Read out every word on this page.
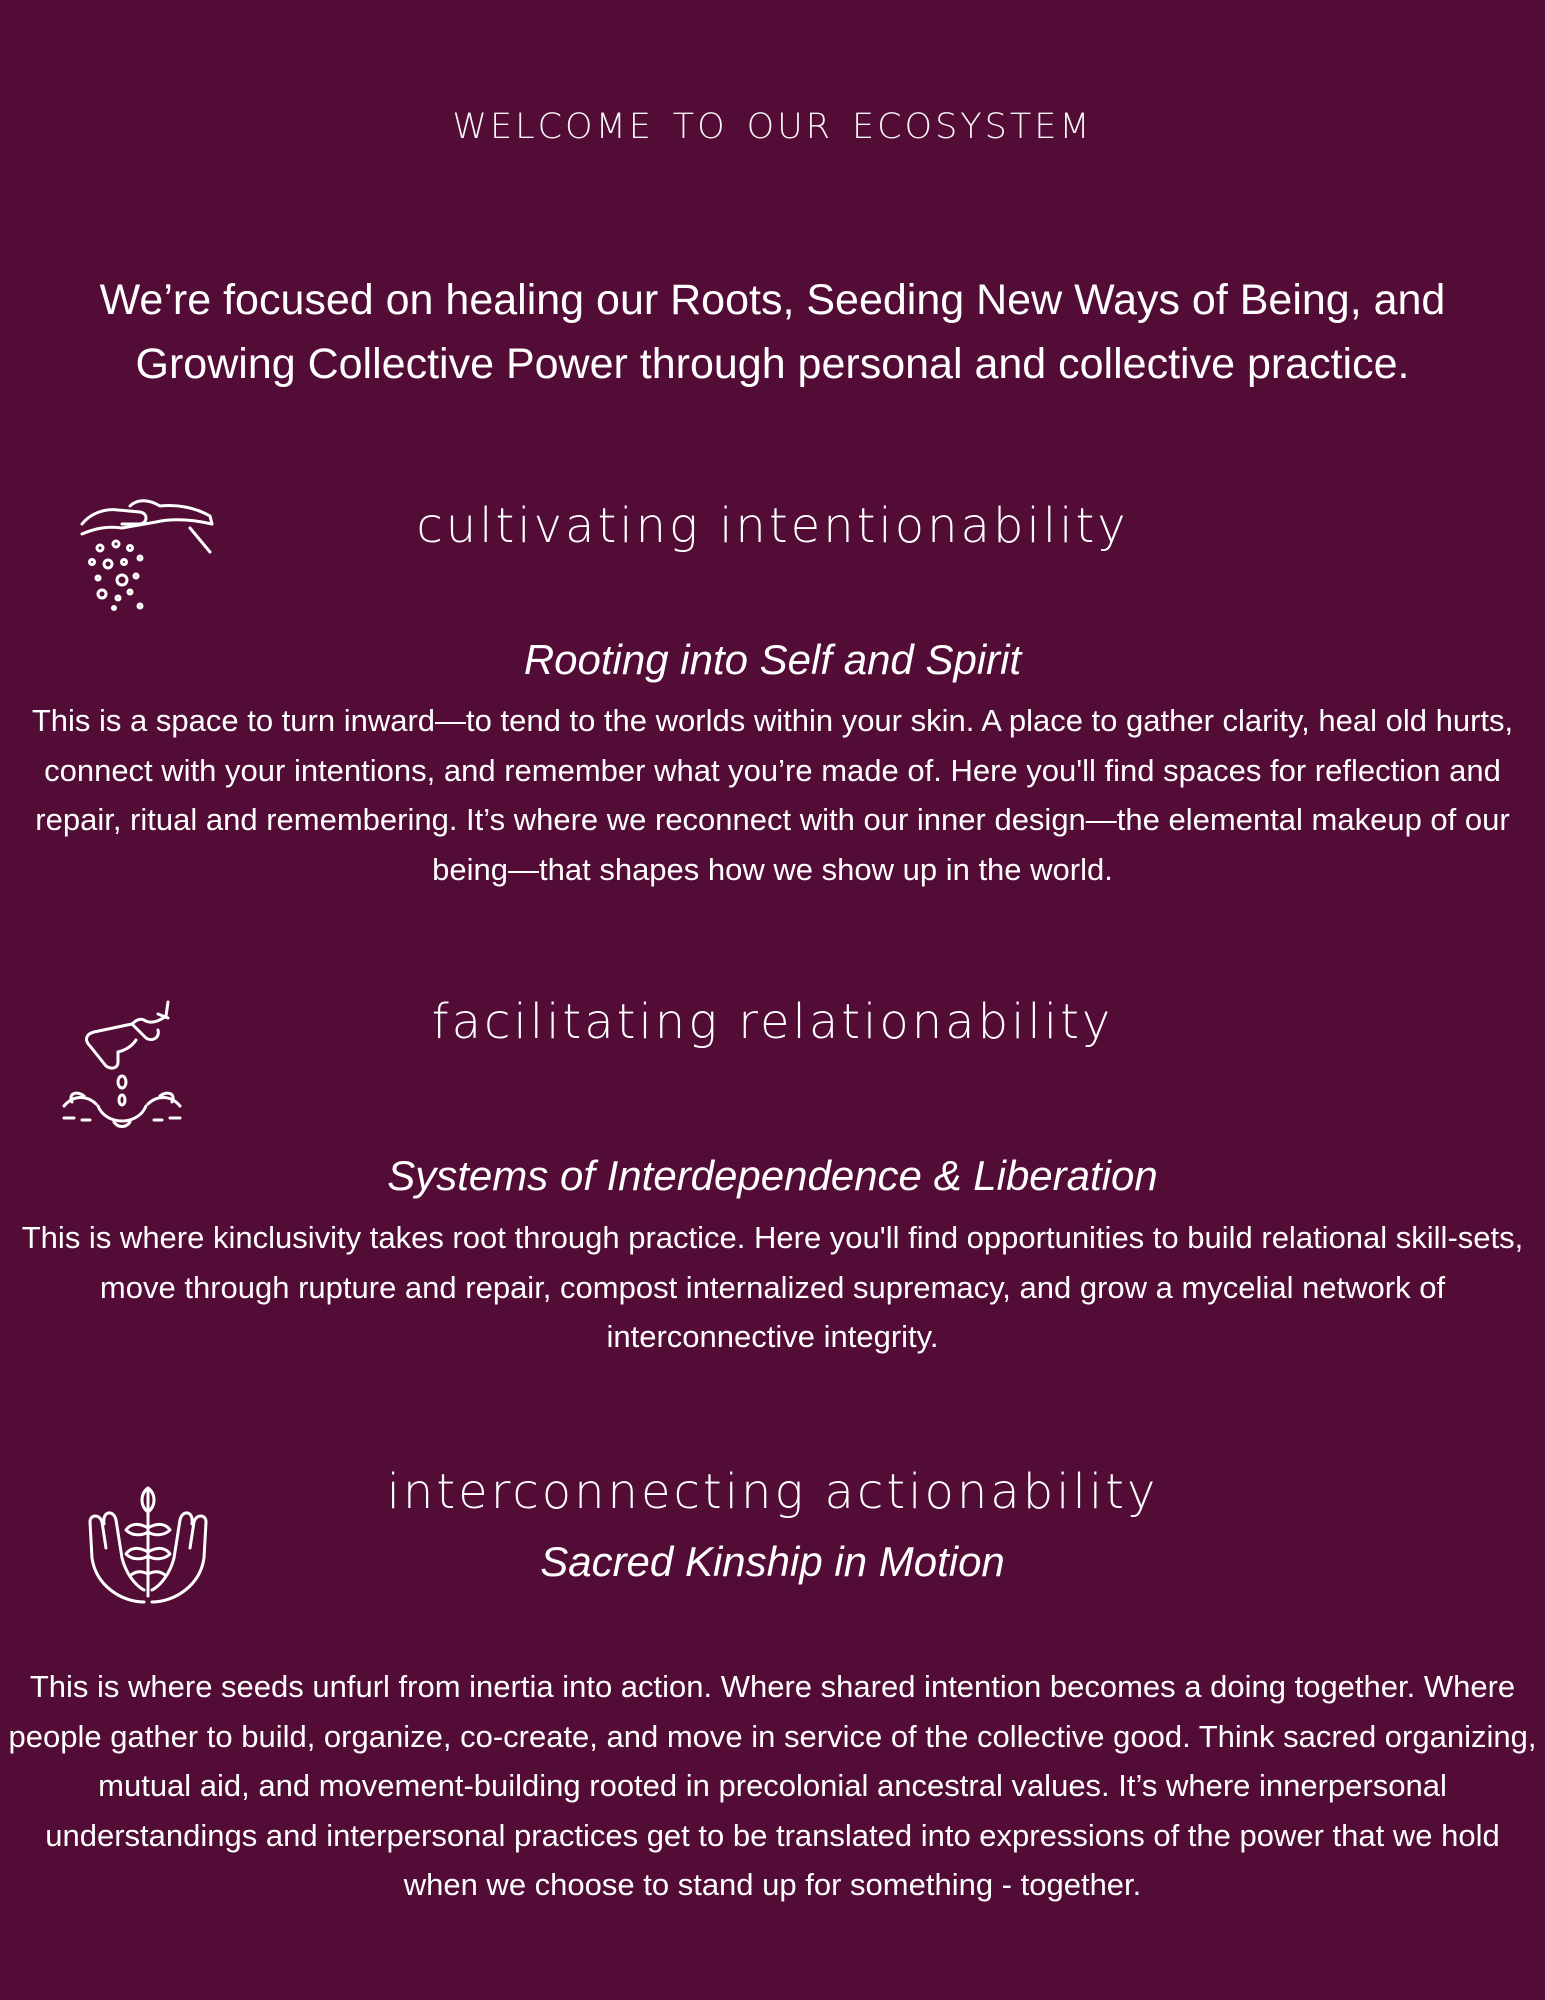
welcome to our ecosystem
We’re focused on healing our Roots, Seeding New Ways of Being, and Growing Collective Power through personal and collective practice.
cultivating intentionability
Rooting into Self and Spirit
This is a space to turn inward—to tend to the worlds within your skin. A place to gather clarity, heal old hurts, connect with your intentions, and remember what you’re made of. Here you'll find spaces for reflection and repair, ritual and remembering. It’s where we reconnect with our inner design—the elemental makeup of our being—that shapes how we show up in the world.
facilitating relationability
Systems of Interdependence & Liberation
This is where kinclusivity takes root through practice. Here you'll find opportunities to build relational skill-sets, move through rupture and repair, compost internalized supremacy, and grow a mycelial network of interconnective integrity.
interconnecting actionability
Sacred Kinship in Motion
This is where seeds unfurl from inertia into action. Where shared intention becomes a doing together. Where people gather to build, organize, co-create, and move in service of the collective good. Think sacred organizing, mutual aid, and movement-building rooted in precolonial ancestral values. It’s where innerpersonal understandings and interpersonal practices get to be translated into expressions of the power that we hold when we choose to stand up for something - together.
